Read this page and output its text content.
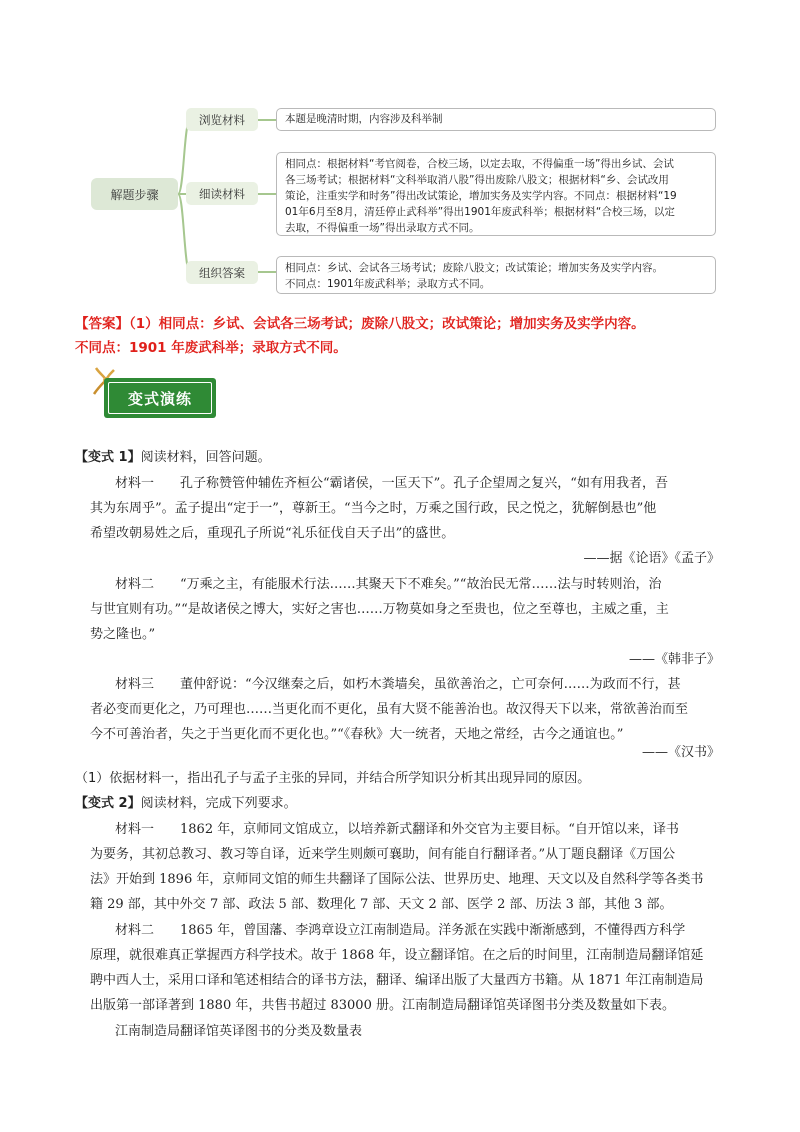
解题步骤
浏览材料
细读材料
组织答案
本题是晚清时期，内容涉及科举制
相同点：根据材料“考官阅卷，合校三场，以定去取，不得偏重一场”得出乡试、会试
各三场考试；根据材料“文科举取消八股”得出废除八股文；根据材料“乡、会试改用
策论，注重实学和时务”得出改试策论，增加实务及实学内容。不同点：根据材料“19
01年6月至8月，清廷停止武科举”得出1901年废武科举；根据材料“合校三场，以定
去取，不得偏重一场”得出录取方式不同。
相同点：乡试、会试各三场考试；废除八股文；改试策论；增加实务及实学内容。
不同点：1901年废武科举；录取方式不同。
【答案】（1）相同点：乡试、会试各三场考试；废除八股文；改试策论；增加实务及实学内容。
不同点：1901 年废武科举；录取方式不同。
变式演练
【变式 1】阅读材料，回答问题。
材料一　　孔子称赞管仲辅佐齐桓公“霸诸侯，一匡天下”。孔子企望周之复兴，“如有用我者，吾
其为东周乎”。孟子提出“定于一”，尊新王。“当今之时，万乘之国行政，民之悦之，犹解倒悬也”他
希望改朝易姓之后，重现孔子所说“礼乐征伐自天子出”的盛世。
——据《论语》《孟子》
材料二　　“万乘之主，有能服术行法……其聚天下不难矣。”“故治民无常……法与时转则治，治
与世宜则有功。”“是故诸侯之博大，实好之害也……万物莫如身之至贵也，位之至尊也，主威之重，主
势之隆也。”
——《韩非子》
材料三　　董仲舒说：“今汉继秦之后，如朽木粪墙矣，虽欲善治之，亡可奈何……为政而不行，甚
者必变而更化之，乃可理也……当更化而不更化，虽有大贤不能善治也。故汉得天下以来，常欲善治而至
今不可善治者，失之于当更化而不更化也。”“《春秋》大一统者，天地之常经，古今之通谊也。”
——《汉书》
（1）依据材料一，指出孔子与孟子主张的异同，并结合所学知识分析其出现异同的原因。
【变式 2】阅读材料，完成下列要求。
材料一　　1862 年，京师同文馆成立，以培养新式翻译和外交官为主要目标。“自开馆以来，译书
为要务，其初总教习、教习等自译，近来学生则颇可襄助，间有能自行翻译者。”从丁题良翻译《万国公
法》开始到 1896 年，京师同文馆的师生共翻译了国际公法、世界历史、地理、天文以及自然科学等各类书
籍 29 部，其中外交 7 部、政法 5 部、数理化 7 部、天文 2 部、医学 2 部、历法 3 部，其他 3 部。
材料二　　1865 年，曾国藩、李鸿章设立江南制造局。洋务派在实践中渐渐感到，不懂得西方科学
原理，就很难真正掌握西方科学技术。故于 1868 年，设立翻译馆。在之后的时间里，江南制造局翻译馆延
聘中西人士，采用口译和笔述相结合的译书方法，翻译、编译出版了大量西方书籍。从 1871 年江南制造局
出版第一部译著到 1880 年，共售书超过 83000 册。江南制造局翻译馆英译图书分类及数量如下表。
江南制造局翻译馆英译图书的分类及数量表
